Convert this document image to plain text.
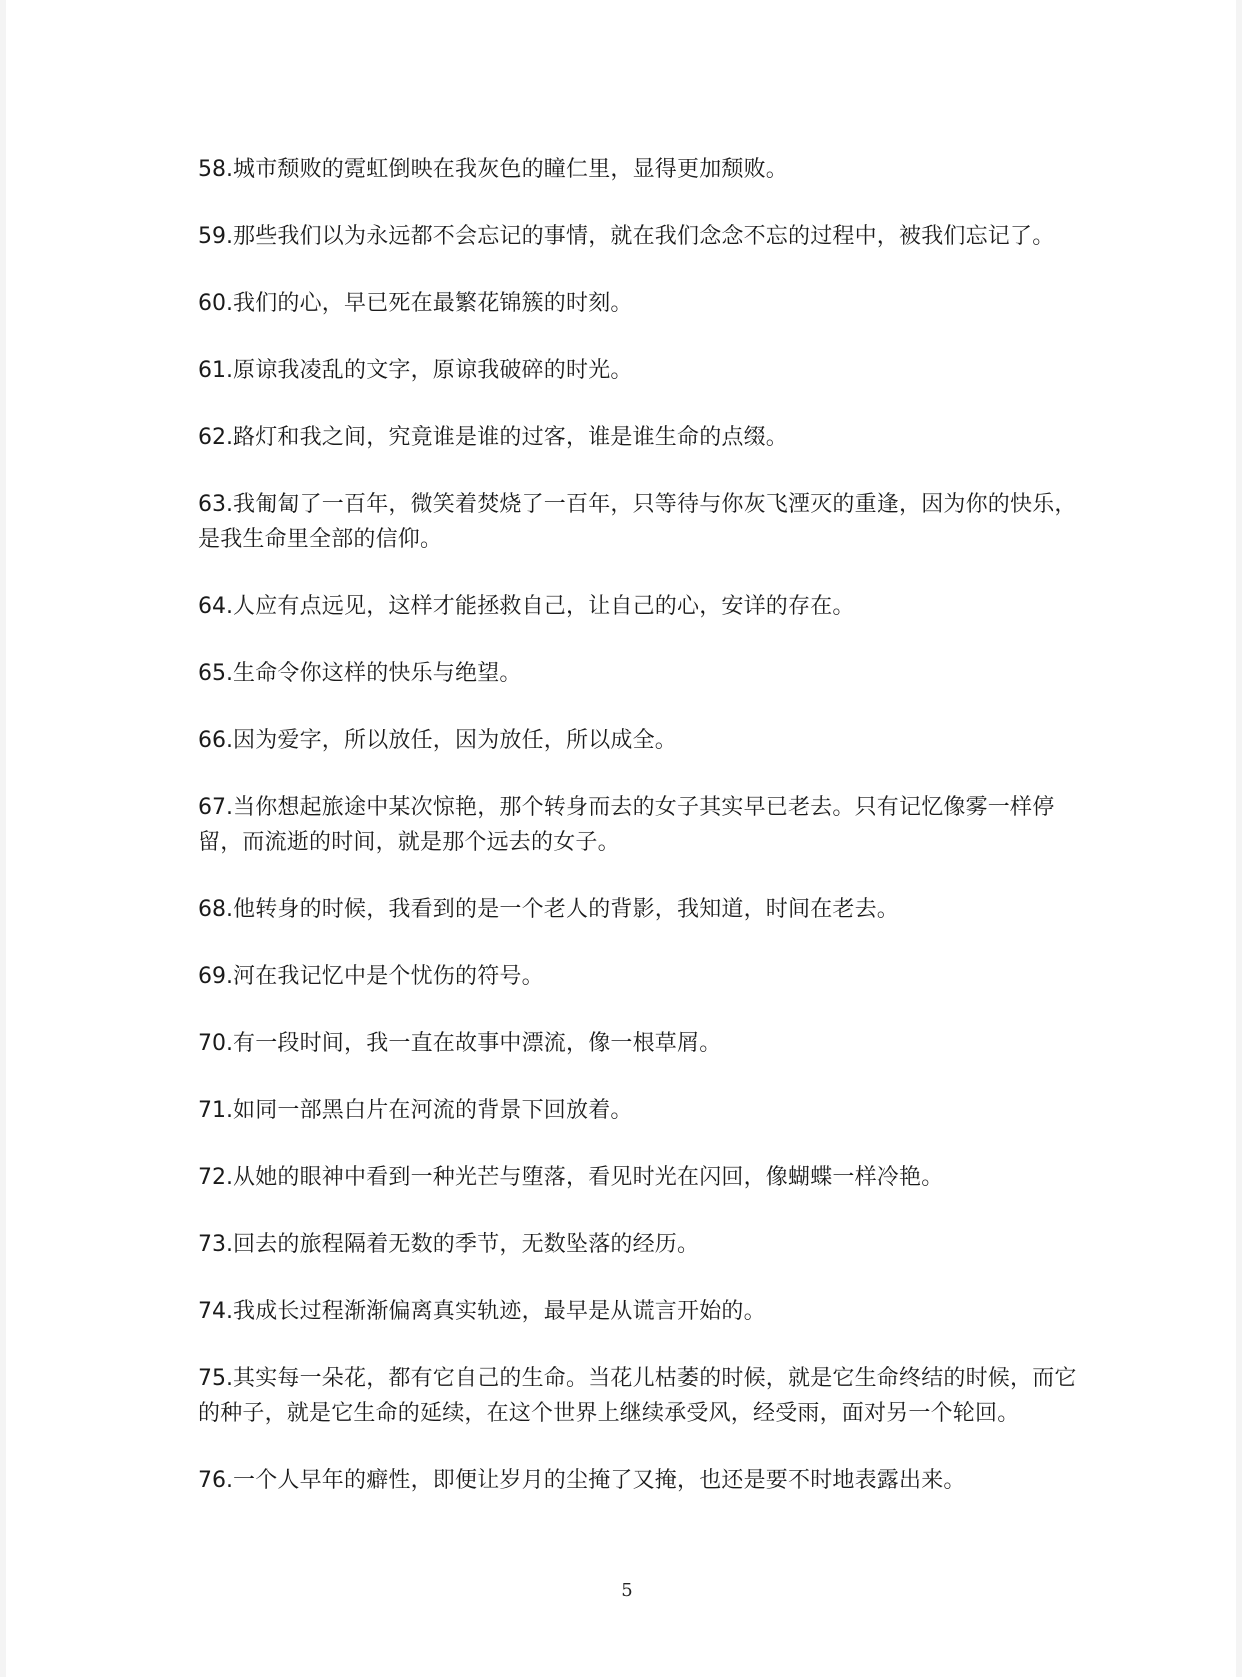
58.城市颓败的霓虹倒映在我灰色的瞳仁里，显得更加颓败。

59.那些我们以为永远都不会忘记的事情，就在我们念念不忘的过程中，被我们忘记了。

60.我们的心，早已死在最繁花锦簇的时刻。

61.原谅我凌乱的文字，原谅我破碎的时光。

62.路灯和我之间，究竟谁是谁的过客，谁是谁生命的点缀。

63.我匍匐了一百年，微笑着焚烧了一百年，只等待与你灰飞湮灭的重逢，因为你的快乐，是我生命里全部的信仰。

64.人应有点远见，这样才能拯救自己，让自己的心，安详的存在。

65.生命令你这样的快乐与绝望。

66.因为爱字，所以放任，因为放任，所以成全。

67.当你想起旅途中某次惊艳，那个转身而去的女子其实早已老去。只有记忆像雾一样停留，而流逝的时间，就是那个远去的女子。

68.他转身的时候，我看到的是一个老人的背影，我知道，时间在老去。

69.河在我记忆中是个忧伤的符号。

70.有一段时间，我一直在故事中漂流，像一根草屑。

71.如同一部黑白片在河流的背景下回放着。

72.从她的眼神中看到一种光芒与堕落，看见时光在闪回，像蝴蝶一样冷艳。

73.回去的旅程隔着无数的季节，无数坠落的经历。

74.我成长过程渐渐偏离真实轨迹，最早是从谎言开始的。

75.其实每一朵花，都有它自己的生命。当花儿枯萎的时候，就是它生命终结的时候，而它的种子，就是它生命的延续，在这个世界上继续承受风，经受雨，面对另一个轮回。

76.一个人早年的癖性，即便让岁月的尘掩了又掩，也还是要不时地表露出来。

5
